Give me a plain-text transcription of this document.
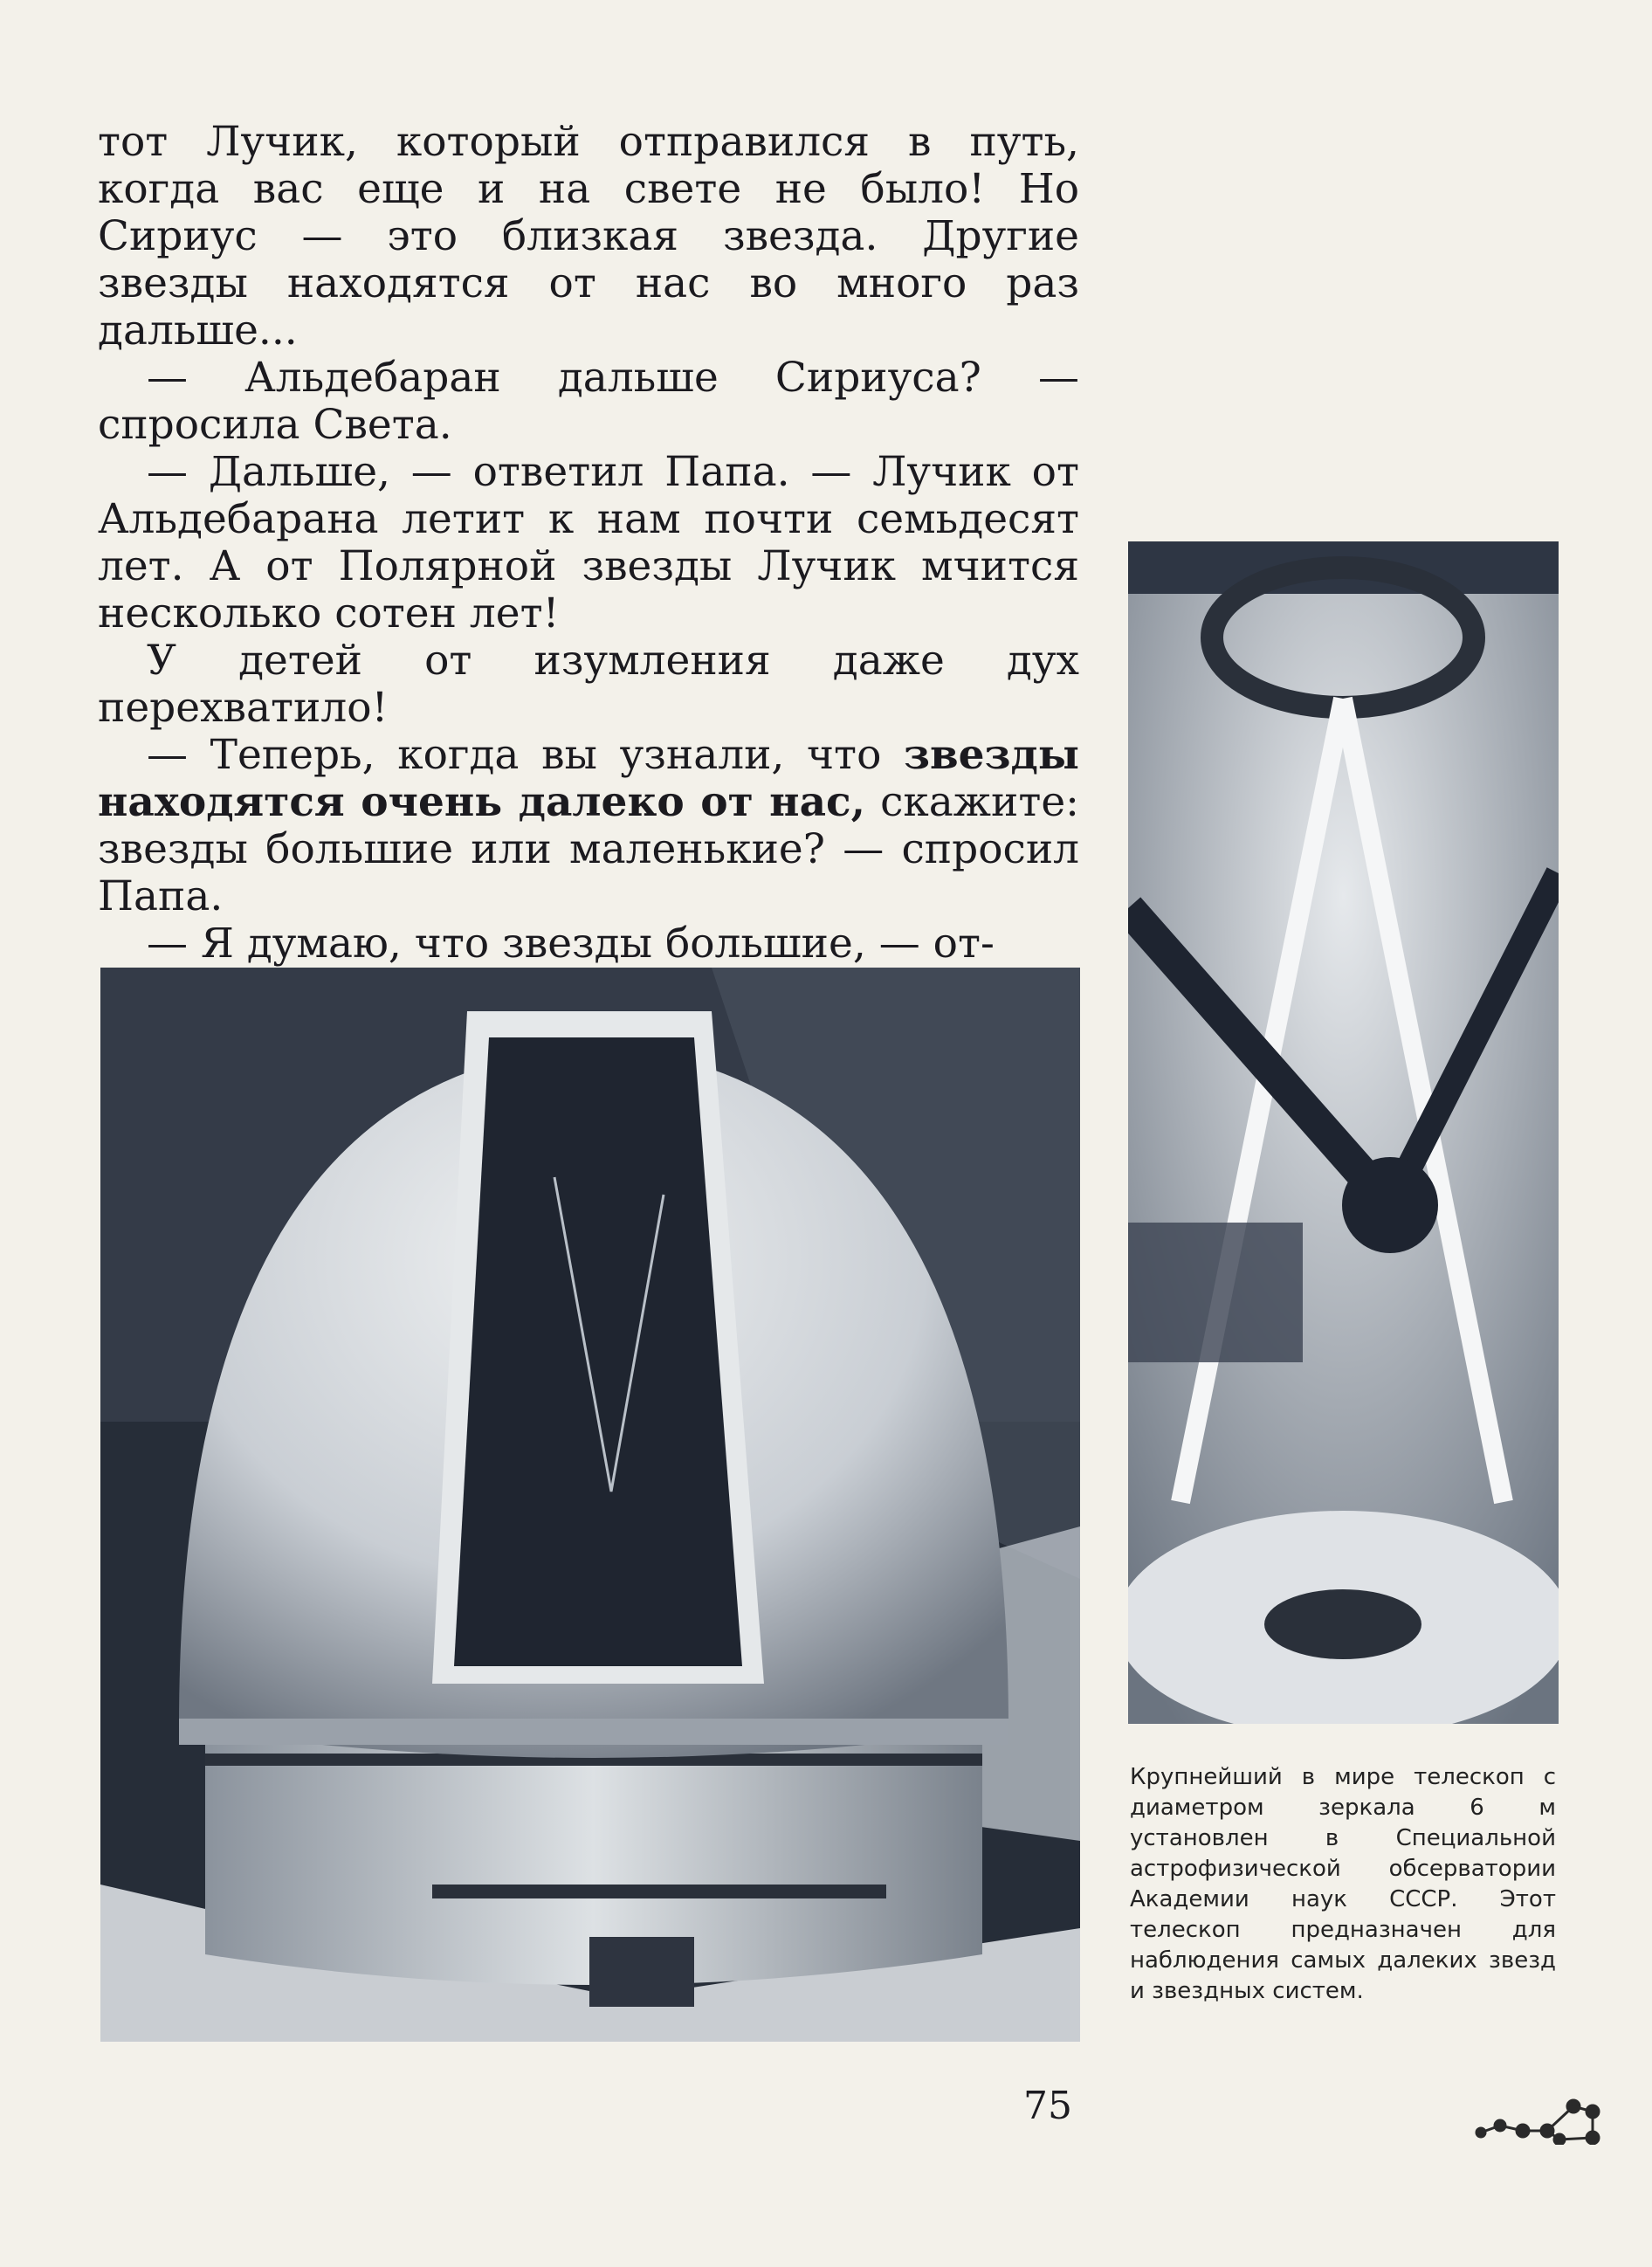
тот Лучик, который отправился в путь, когда вас еще и на свете не было! Но Сириус — это близкая звезда. Другие звезды находятся от нас во много раз дальше...

— Альдебаран дальше Сириуса? — спросила Света.

— Дальше, — ответил Папа. — Лучик от Альдебарана летит к нам почти семьдесят лет. А от Полярной звезды Лучик мчится несколько сотен лет!

У детей от изумления даже дух перехватило!

— Теперь, когда вы узнали, что звезды находятся очень далеко от нас, скажите: звезды большие или маленькие? — спросил Папа.

— Я думаю, что звезды большие, — от-

Крупнейший в мире телескоп с диаметром зеркала 6 м установлен в Специальной астрофизической обсерватории Академии наук СССР. Этот телескоп предназначен для наблюдения самых далеких звезд и звездных систем.
75
